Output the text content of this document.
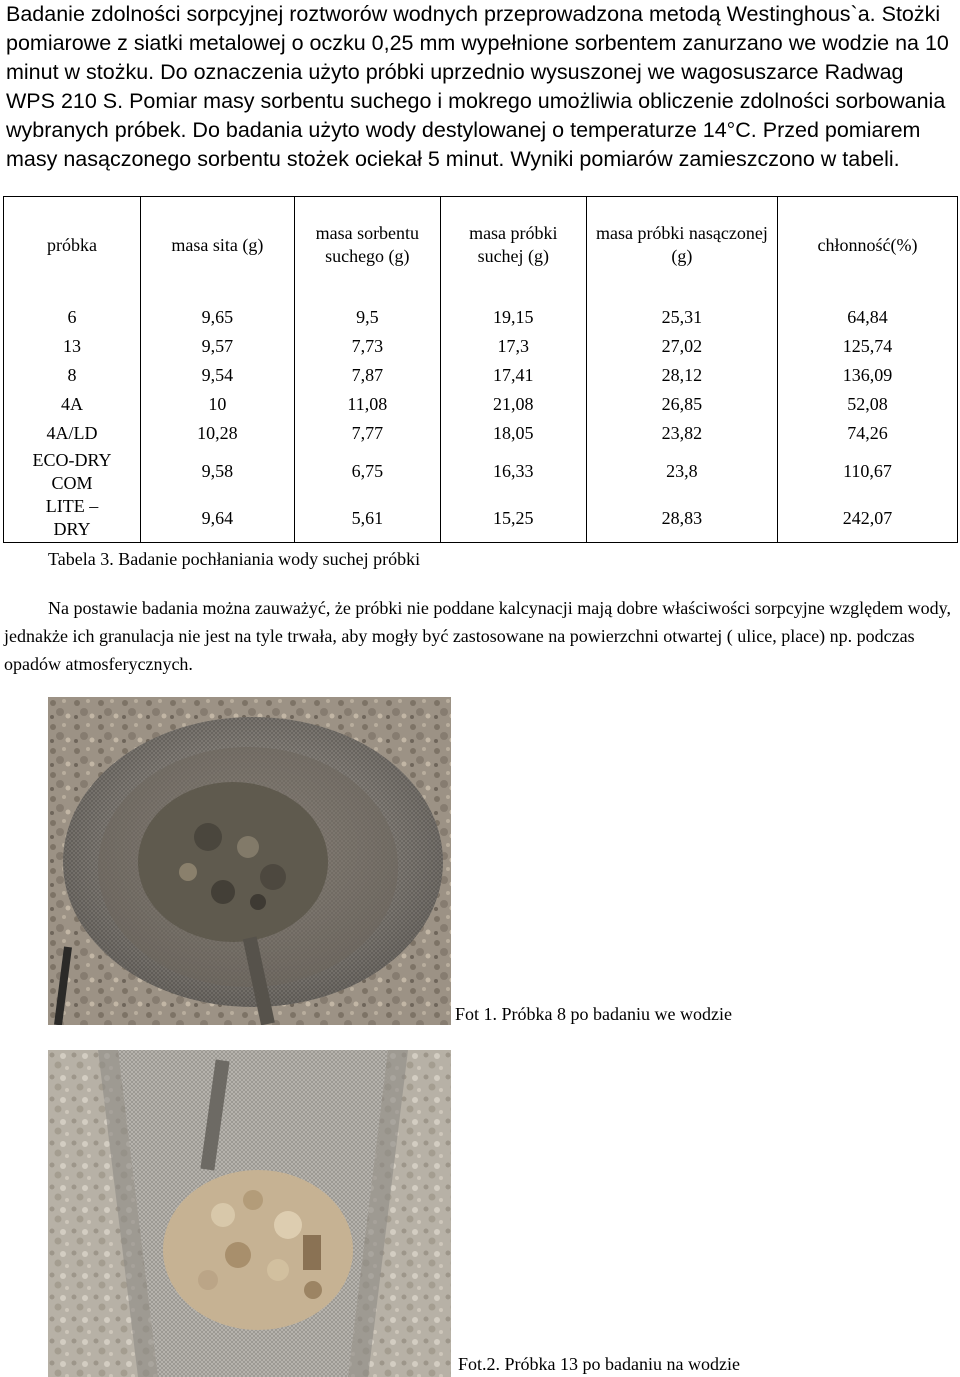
Badanie zdolności sorpcyjnej roztworów wodnych przeprowadzona metodą Westinghous`a. Stożki pomiarowe z siatki metalowej o oczku 0,25 mm wypełnione sorbentem zanurzano we wodzie na 10 minut w stożku. Do oznaczenia użyto próbki uprzednio wysuszonej we wagosuszarce Radwag WPS 210 S. Pomiar masy sorbentu suchego i mokrego umożliwia obliczenie zdolności sorbowania wybranych próbek. Do badania użyto wody destylowanej o temperaturze 14°C. Przed pomiarem masy nasączonego sorbentu stożek ociekał 5 minut. Wyniki pomiarów zamieszczono w tabeli.
próbka	masa sita (g)	masa sorbentu suchego (g)	masa próbki suchej (g)	masa próbki nasączonej (g)	chłonność(%)

6	9,65	9,5	19,15	25,31	64,84
13	9,57	7,73	17,3	27,02	125,74
8	9,54	7,87	17,41	28,12	136,09
4A	10	11,08	21,08	26,85	52,08
4A/LD	10,28	7,77	18,05	23,82	74,26
ECO-DRY
COM	9,58	6,75	16,33	23,8	110,67
LITE –
DRY	9,64	5,61	15,25	28,83	242,07
Tabela 3. Badanie pochłaniania wody suchej próbki
Na postawie badania można zauważyć, że próbki nie poddane kalcynacji mają dobre właściwości sorpcyjne względem wody, jednakże ich granulacja nie jest na tyle trwała, aby mogły być zastosowane na powierzchni otwartej ( ulice, place) np. podczas opadów atmosferycznych.
Fot 1. Próbka 8 po badaniu we wodzie
Fot.2. Próbka 13 po badaniu na wodzie
